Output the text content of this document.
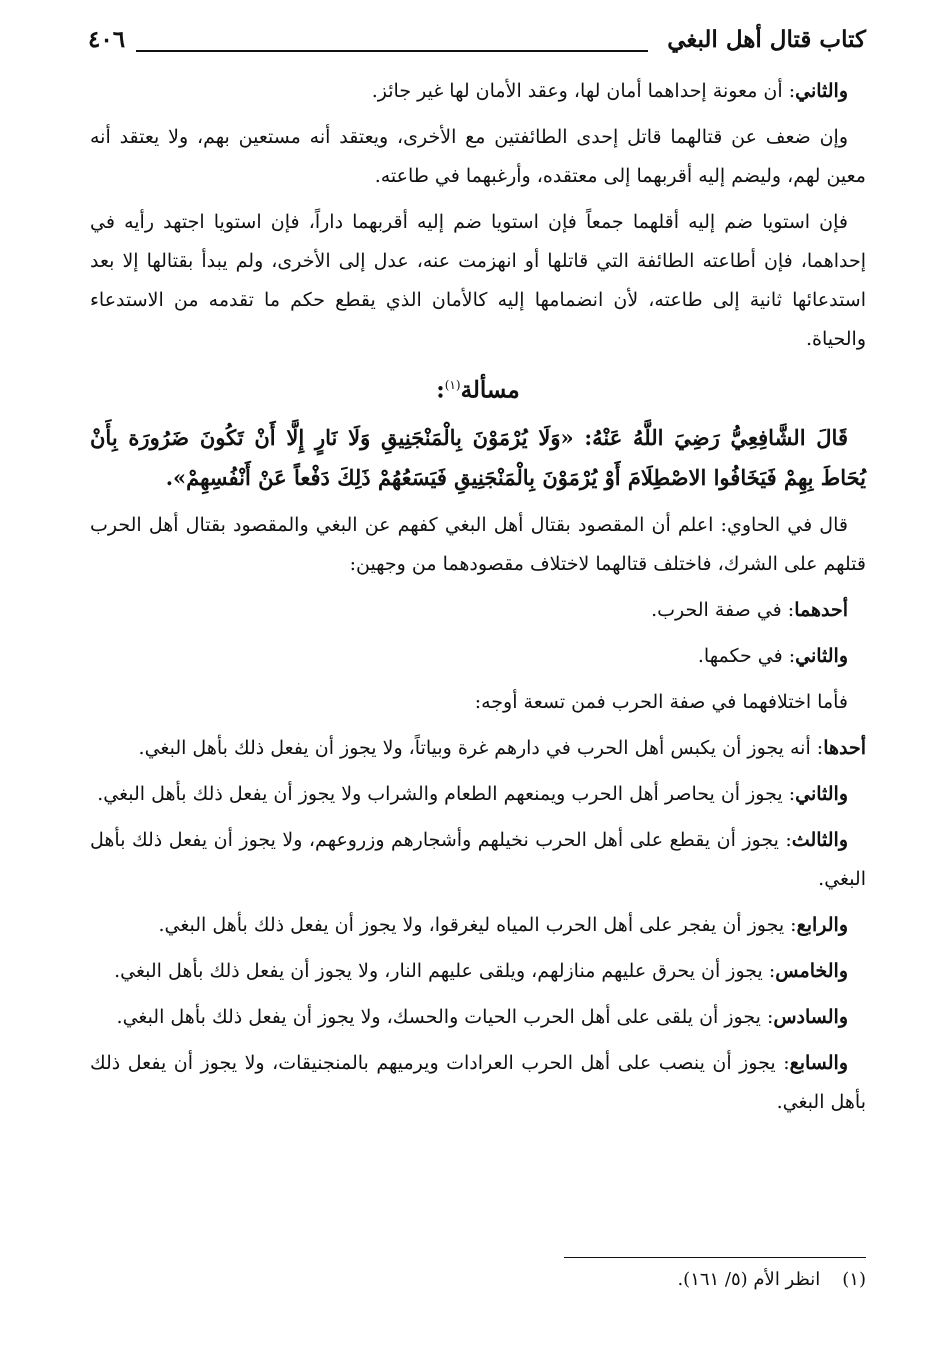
كتاب قتال أهل البغي
٤٠٦

والثاني: أن معونة إحداهما أمان لها، وعقد الأمان لها غير جائز.

وإن ضعف عن قتالهما قاتل إحدى الطائفتين مع الأخرى، ويعتقد أنه مستعين بهم، ولا يعتقد أنه معين لهم، وليضم إليه أقربهما إلى معتقده، وأرغبهما في طاعته.

فإن استويا ضم إليه أقلهما جمعاً فإن استويا ضم إليه أقربهما داراً، فإن استويا اجتهد رأيه في إحداهما، فإن أطاعته الطائفة التي قاتلها أو انهزمت عنه، عدل إلى الأخرى، ولم يبدأ بقتالها إلا بعد استدعائها ثانية إلى طاعته، لأن انضمامها إليه كالأمان الذي يقطع حكم ما تقدمه من الاستدعاء والحياة.

مسألة$^{(١)}$:

قَالَ الشَّافِعِيُّ رَضِيَ اللَّهُ عَنْهُ: «وَلَا يُرْمَوْنَ بِالْمَنْجَنِيقِ وَلَا نَارٍ إِلَّا أَنْ تَكُونَ ضَرُورَة بِأَنْ يُحَاطَ بِهِمْ فَيَخَافُوا الاصْطِلَامَ أَوْ يُرْمَوْنَ بِالْمَنْجَنِيقِ فَيَسَعُهُمْ ذَلِكَ دَفْعاً عَنْ أَنْفُسِهِمْ».

قال في الحاوي: اعلم أن المقصود بقتال أهل البغي كفهم عن البغي والمقصود بقتال أهل الحرب قتلهم على الشرك، فاختلف قتالهما لاختلاف مقصودهما من وجهين:

أحدهما: في صفة الحرب.

والثاني: في حكمها.

فأما اختلافهما في صفة الحرب فمن تسعة أوجه:

أحدها: أنه يجوز أن يكبس أهل الحرب في دارهم غرة وبياتاً، ولا يجوز أن يفعل ذلك بأهل البغي.

والثاني: يجوز أن يحاصر أهل الحرب ويمنعهم الطعام والشراب ولا يجوز أن يفعل ذلك بأهل البغي.

والثالث: يجوز أن يقطع على أهل الحرب نخيلهم وأشجارهم وزروعهم، ولا يجوز أن يفعل ذلك بأهل البغي.

والرابع: يجوز أن يفجر على أهل الحرب المياه ليغرقوا، ولا يجوز أن يفعل ذلك بأهل البغي.

والخامس: يجوز أن يحرق عليهم منازلهم، ويلقى عليهم النار، ولا يجوز أن يفعل ذلك بأهل البغي.

والسادس: يجوز أن يلقى على أهل الحرب الحيات والحسك، ولا يجوز أن يفعل ذلك بأهل البغي.

والسابع: يجوز أن ينصب على أهل الحرب العرادات ويرميهم بالمنجنيقات، ولا يجوز أن يفعل ذلك بأهل البغي.

(١)انظر الأم (٥/ ١٦١).
